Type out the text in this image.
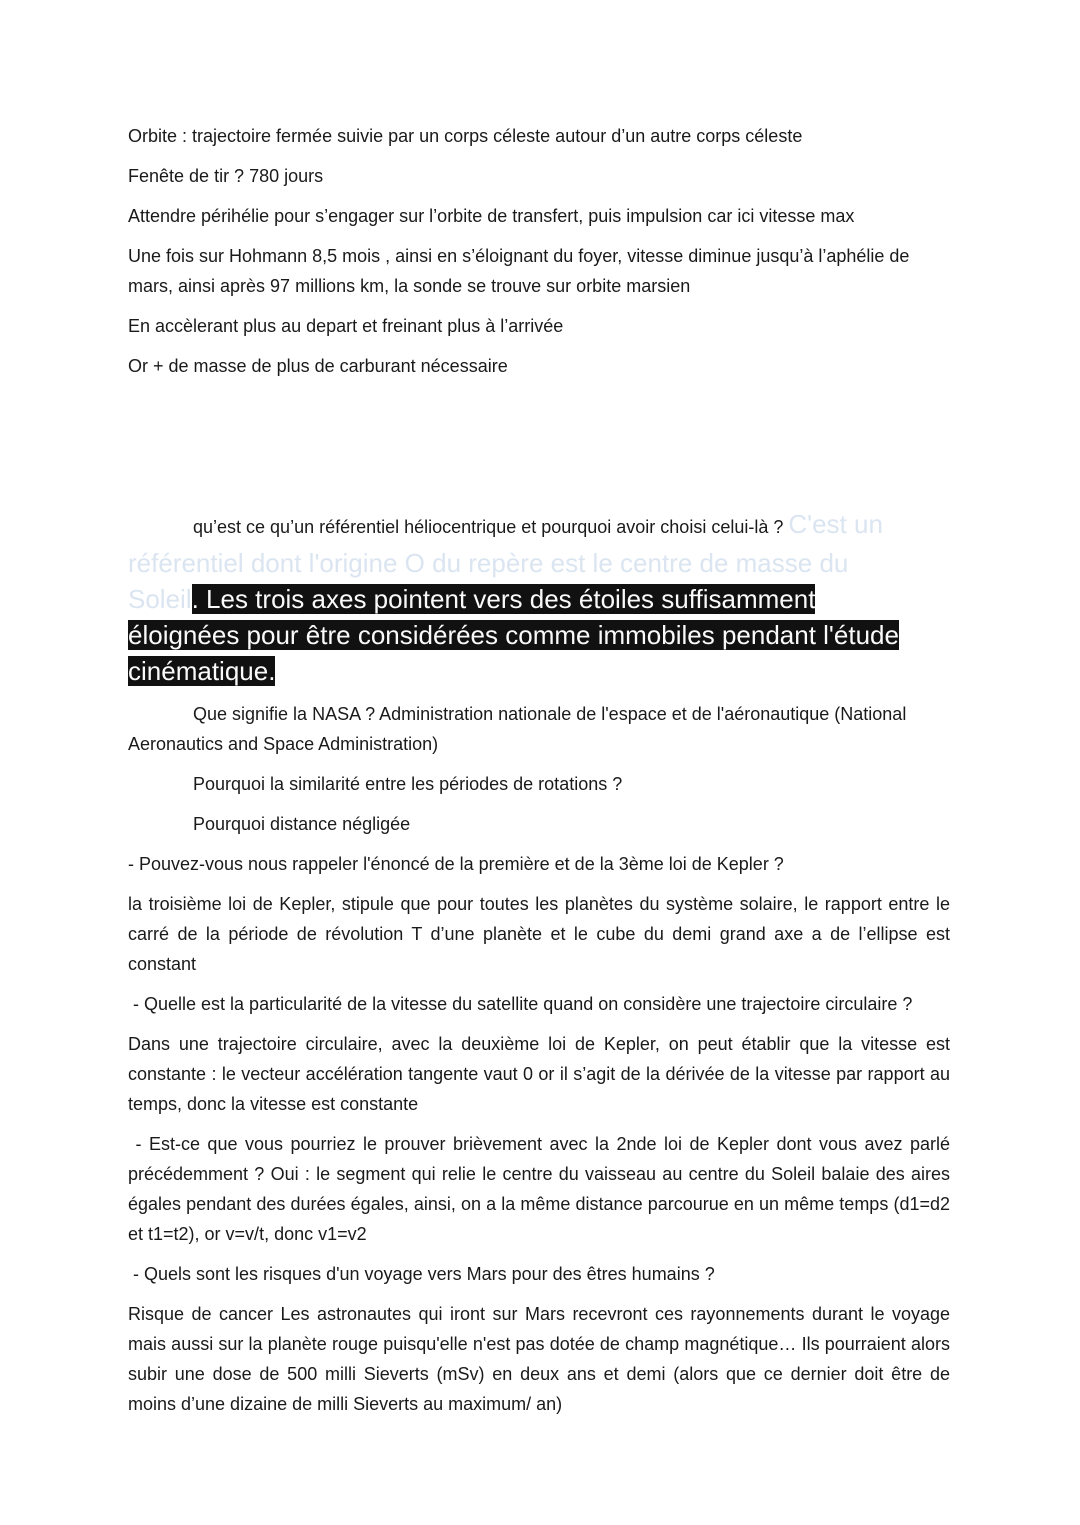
Orbite : trajectoire fermée suivie par un corps céleste autour d’un autre corps céleste

Fenête de tir ? 780 jours

Attendre périhélie pour s’engager sur l’orbite de transfert, puis impulsion car ici vitesse max

Une fois sur Hohmann 8,5 mois , ainsi en s’éloignant du foyer, vitesse diminue jusqu’à l’aphélie de mars, ainsi après 97 millions km, la sonde se trouve sur orbite marsien

En accèlerant plus au depart et freinant plus à l’arrivée

Or + de masse de plus de carburant nécessaire

qu’est ce qu’un référentiel héliocentrique et pourquoi avoir choisi celui-là ? C'est un
référentiel dont l'origine O du repère est le centre de masse du
Soleil. Les trois axes pointent vers des étoiles suffisamment
éloignées pour être considérées comme immobiles pendant l'étude
cinématique.

Que signifie la NASA ? Administration nationale de l'espace et de l'aéronautique (National Aeronautics and Space Administration)

Pourquoi la similarité entre les périodes de rotations ?

Pourquoi distance négligée

- Pouvez-vous nous rappeler l'énoncé de la première et de la 3ème loi de Kepler ?

la troisième loi de Kepler, stipule que pour toutes les planètes du système solaire, le rapport entre le carré de la période de révolution T d’une planète et le cube du demi grand axe a de l’ellipse est constant

- Quelle est la particularité de la vitesse du satellite quand on considère une trajectoire circulaire ?

Dans une trajectoire circulaire, avec la deuxième loi de Kepler, on peut établir que la vitesse est constante : le vecteur accélération tangente vaut 0 or il s’agit de la dérivée de la vitesse par rapport au temps, donc la vitesse est constante

- Est-ce que vous pourriez le prouver brièvement avec la 2nde loi de Kepler dont vous avez parlé précédemment ? Oui : le segment qui relie le centre du vaisseau au centre du Soleil balaie des aires égales pendant des durées égales, ainsi, on a la même distance parcourue en un même temps (d1=d2 et t1=t2), or v=v/t, donc v1=v2

- Quels sont les risques d'un voyage vers Mars pour des êtres humains ?

Risque de cancer Les astronautes qui iront sur Mars recevront ces rayonnements durant le voyage mais aussi sur la planète rouge puisqu'elle n'est pas dotée de champ magnétique… Ils pourraient alors subir une dose de 500 milli Sieverts (mSv) en deux ans et demi (alors que ce dernier doit être de moins d’une dizaine de milli Sieverts au maximum/ an)
